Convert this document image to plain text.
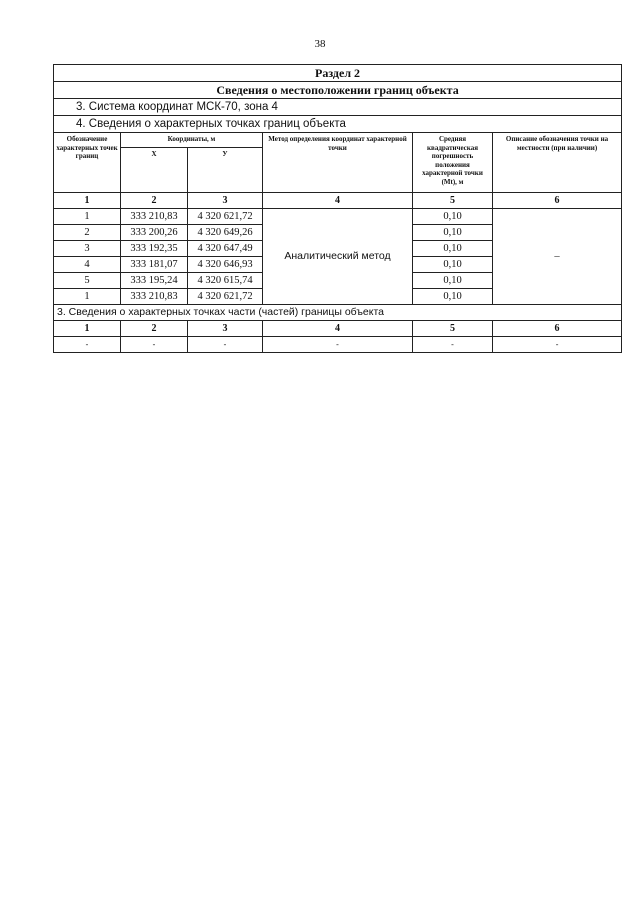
38
Раздел 2					
Сведения о местоположении границ объекта					
3. Система координат МСК-70, зона 4					
4. Сведения о характерных точках границ объекта					
Обозначение характерных точек границ	Координаты, м		Метод определения координат характерной точки	Средняя квадратическая погрешность положения характерной точки (Mt), м	Описание обозначения точки на местности (при наличии)
	Х	У			
1	2	3	4	5	6
1	333 210,83	4 320 621,72	Аналитический метод	0,10	–
2	333 200,26	4 320 649,26		0,10	
3	333 192,35	4 320 647,49		0,10	
4	333 181,07	4 320 646,93		0,10	
5	333 195,24	4 320 615,74		0,10	
1	333 210,83	4 320 621,72		0,10	
3. Сведения о характерных точках части (частей) границы объекта					
1	2	3	4	5	6
-	-	-	-	-	-
